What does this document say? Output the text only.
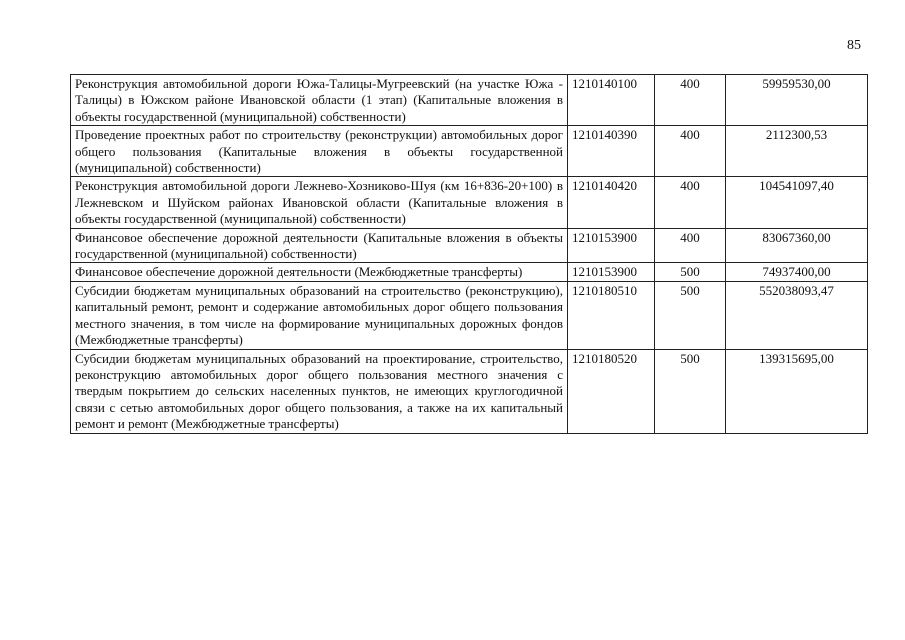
85
Реконструкция автомобильной дороги Южа-Талицы-Мугреевский (на участке Южа - Талицы) в Южском районе Ивановской области (1 этап) (Капитальные вложения в объекты государственной (муниципальной) собственности)	1210140100	400	59959530,00
Проведение проектных работ по строительству (реконструкции) автомобильных дорог общего пользования (Капитальные вложения в объекты государственной (муниципальной) собственности)	1210140390	400	2112300,53
Реконструкция автомобильной дороги Лежнево-Хозниково-Шуя (км 16+836-20+100) в Лежневском и Шуйском районах Ивановской области (Капитальные вложения в объекты государственной (муниципальной) собственности)	1210140420	400	104541097,40
Финансовое обеспечение дорожной деятельности (Капитальные вложения в объекты государственной (муниципальной) собственности)	1210153900	400	83067360,00
Финансовое обеспечение дорожной деятельности (Межбюджетные трансферты)	1210153900	500	74937400,00
Субсидии бюджетам муниципальных образований на строительство (реконструкцию), капитальный ремонт, ремонт и содержание автомобильных дорог общего пользования местного значения, в том числе на формирование муниципальных дорожных фондов (Межбюджетные трансферты)	1210180510	500	552038093,47
Субсидии бюджетам муниципальных образований на проектирование, строительство, реконструкцию автомобильных дорог общего пользования местного значения с твердым покрытием до сельских населенных пунктов, не имеющих круглогодичной связи с сетью автомобильных дорог общего пользования, а также на их капитальный ремонт и ремонт (Межбюджетные трансферты)	1210180520	500	139315695,00
